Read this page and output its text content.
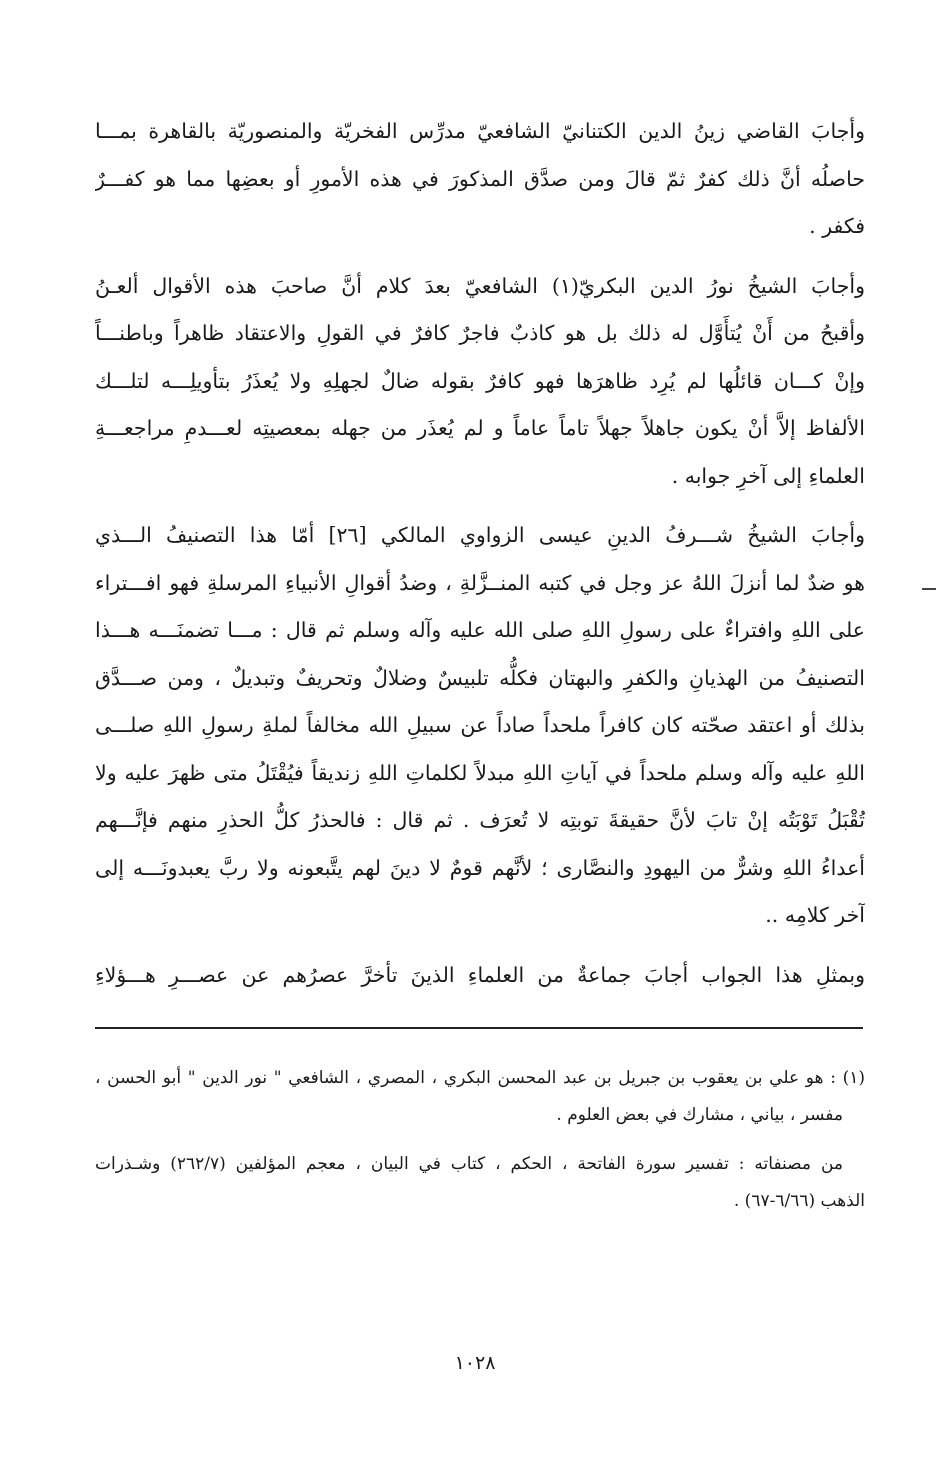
وأجابَ القاضي زينُ الدين الكتنانيّ الشافعيّ مدرِّس الفخريّة والمنصوريّة بالقاهرة بمـــا
حاصلُه أنَّ ذلك كفرٌ ثمّ قالَ ومن صدَّق المذكورَ في هذه الأمورِ أو بعضِها مما هو كفـــرٌ
فكفر .
وأجابَ الشيخُ نورُ الدين البكريّ(١) الشافعيّ بعدَ كلام أنَّ صاحبَ هذه الأقوال ألعـنُ
وأقبحُ من أَنْ يُتأَوَّل له ذلك بل هو كاذبٌ فاجرٌ كافرٌ في القولِ والاعتقاد ظاهراً وباطنـــاً
وإنْ كـــان قائلُها لم يُرِد ظاهرَها فهو كافرٌ بقوله ضالٌ لجهلِهِ ولا يُعذَرُ بتأويلِـــه لتلـــك
الألفاظ إلاَّ أنْ يكون جاهلاً جهلاً تاماً عاماً و لم يُعذَر من جهله بمعصيتِه لعـــدمِ مراجعـــةِ
العلماءِ إلى آخرِ جوابه .
وأجابَ الشيخُ شـــرفُ الدينِ عيسى الزواوي المالكي [٢٦] أمّا هذا التصنيفُ الـــذي
هو ضدٌ لما أنزلَ اللهُ عز وجل في كتبه المنــزَّلةِ ، وضدُ أقوالِ الأنبياءِ المرسلةِ فهو افـــتراء
على اللهِ وافتراءٌ على رسولِ اللهِ صلى الله عليه وآله وسلم ثم قال : مـــا تضمنَـــه هـــذا
التصنيفُ من الهذيانِ والكفرِ والبهتان فكلُّه تلبيسٌ وضلالٌ وتحريفٌ وتبديلٌ ، ومن صـــدَّق
بذلك أو اعتقد صحّته كان كافراً ملحداً صاداً عن سبيلِ الله مخالفاً لملةِ رسولِ اللهِ صلـــى
اللهِ عليه وآله وسلم ملحداً في آياتِ اللهِ مبدلاً لكلماتِ اللهِ زنديقاً فيُقْتَلُ متى ظهرَ عليه ولا
تُقْبَلُ تَوْبَتُه إنْ تابَ لأنَّ حقيقةَ توبتِه لا تُعرَف . ثم قال : فالحذرُ كلُّ الحذرِ منهم فإنَّـــهم
أعداءُ اللهِ وشرٌّ من اليهودِ والنصَّارى ؛ لأنَّهم قومٌ لا دينَ لهم يتَّبعونه ولا ربَّ يعبدونَـــه إلى
آخر كلامِه ..
وبمثلِ هذا الجواب أجابَ جماعةٌ من العلماءِ الذينَ تأخرَّ عصرُهم عن عصـــرِ هـــؤلاءِ
(١) : هو علي بن يعقوب بن جبريل بن عبد المحسن البكري ، المصري ، الشافعي " نور الدين " أبو الحسن ،
مفسر ، بياني ، مشارك في بعض العلوم .
من مصنفاته : تفسير سورة الفاتحة ، الحكم ، كتاب في البيان ، معجم المؤلفين (٢٦٢/٧) وشـذرات
الذهب (٦/٦٦-٦٧) .
١٠٢٨
